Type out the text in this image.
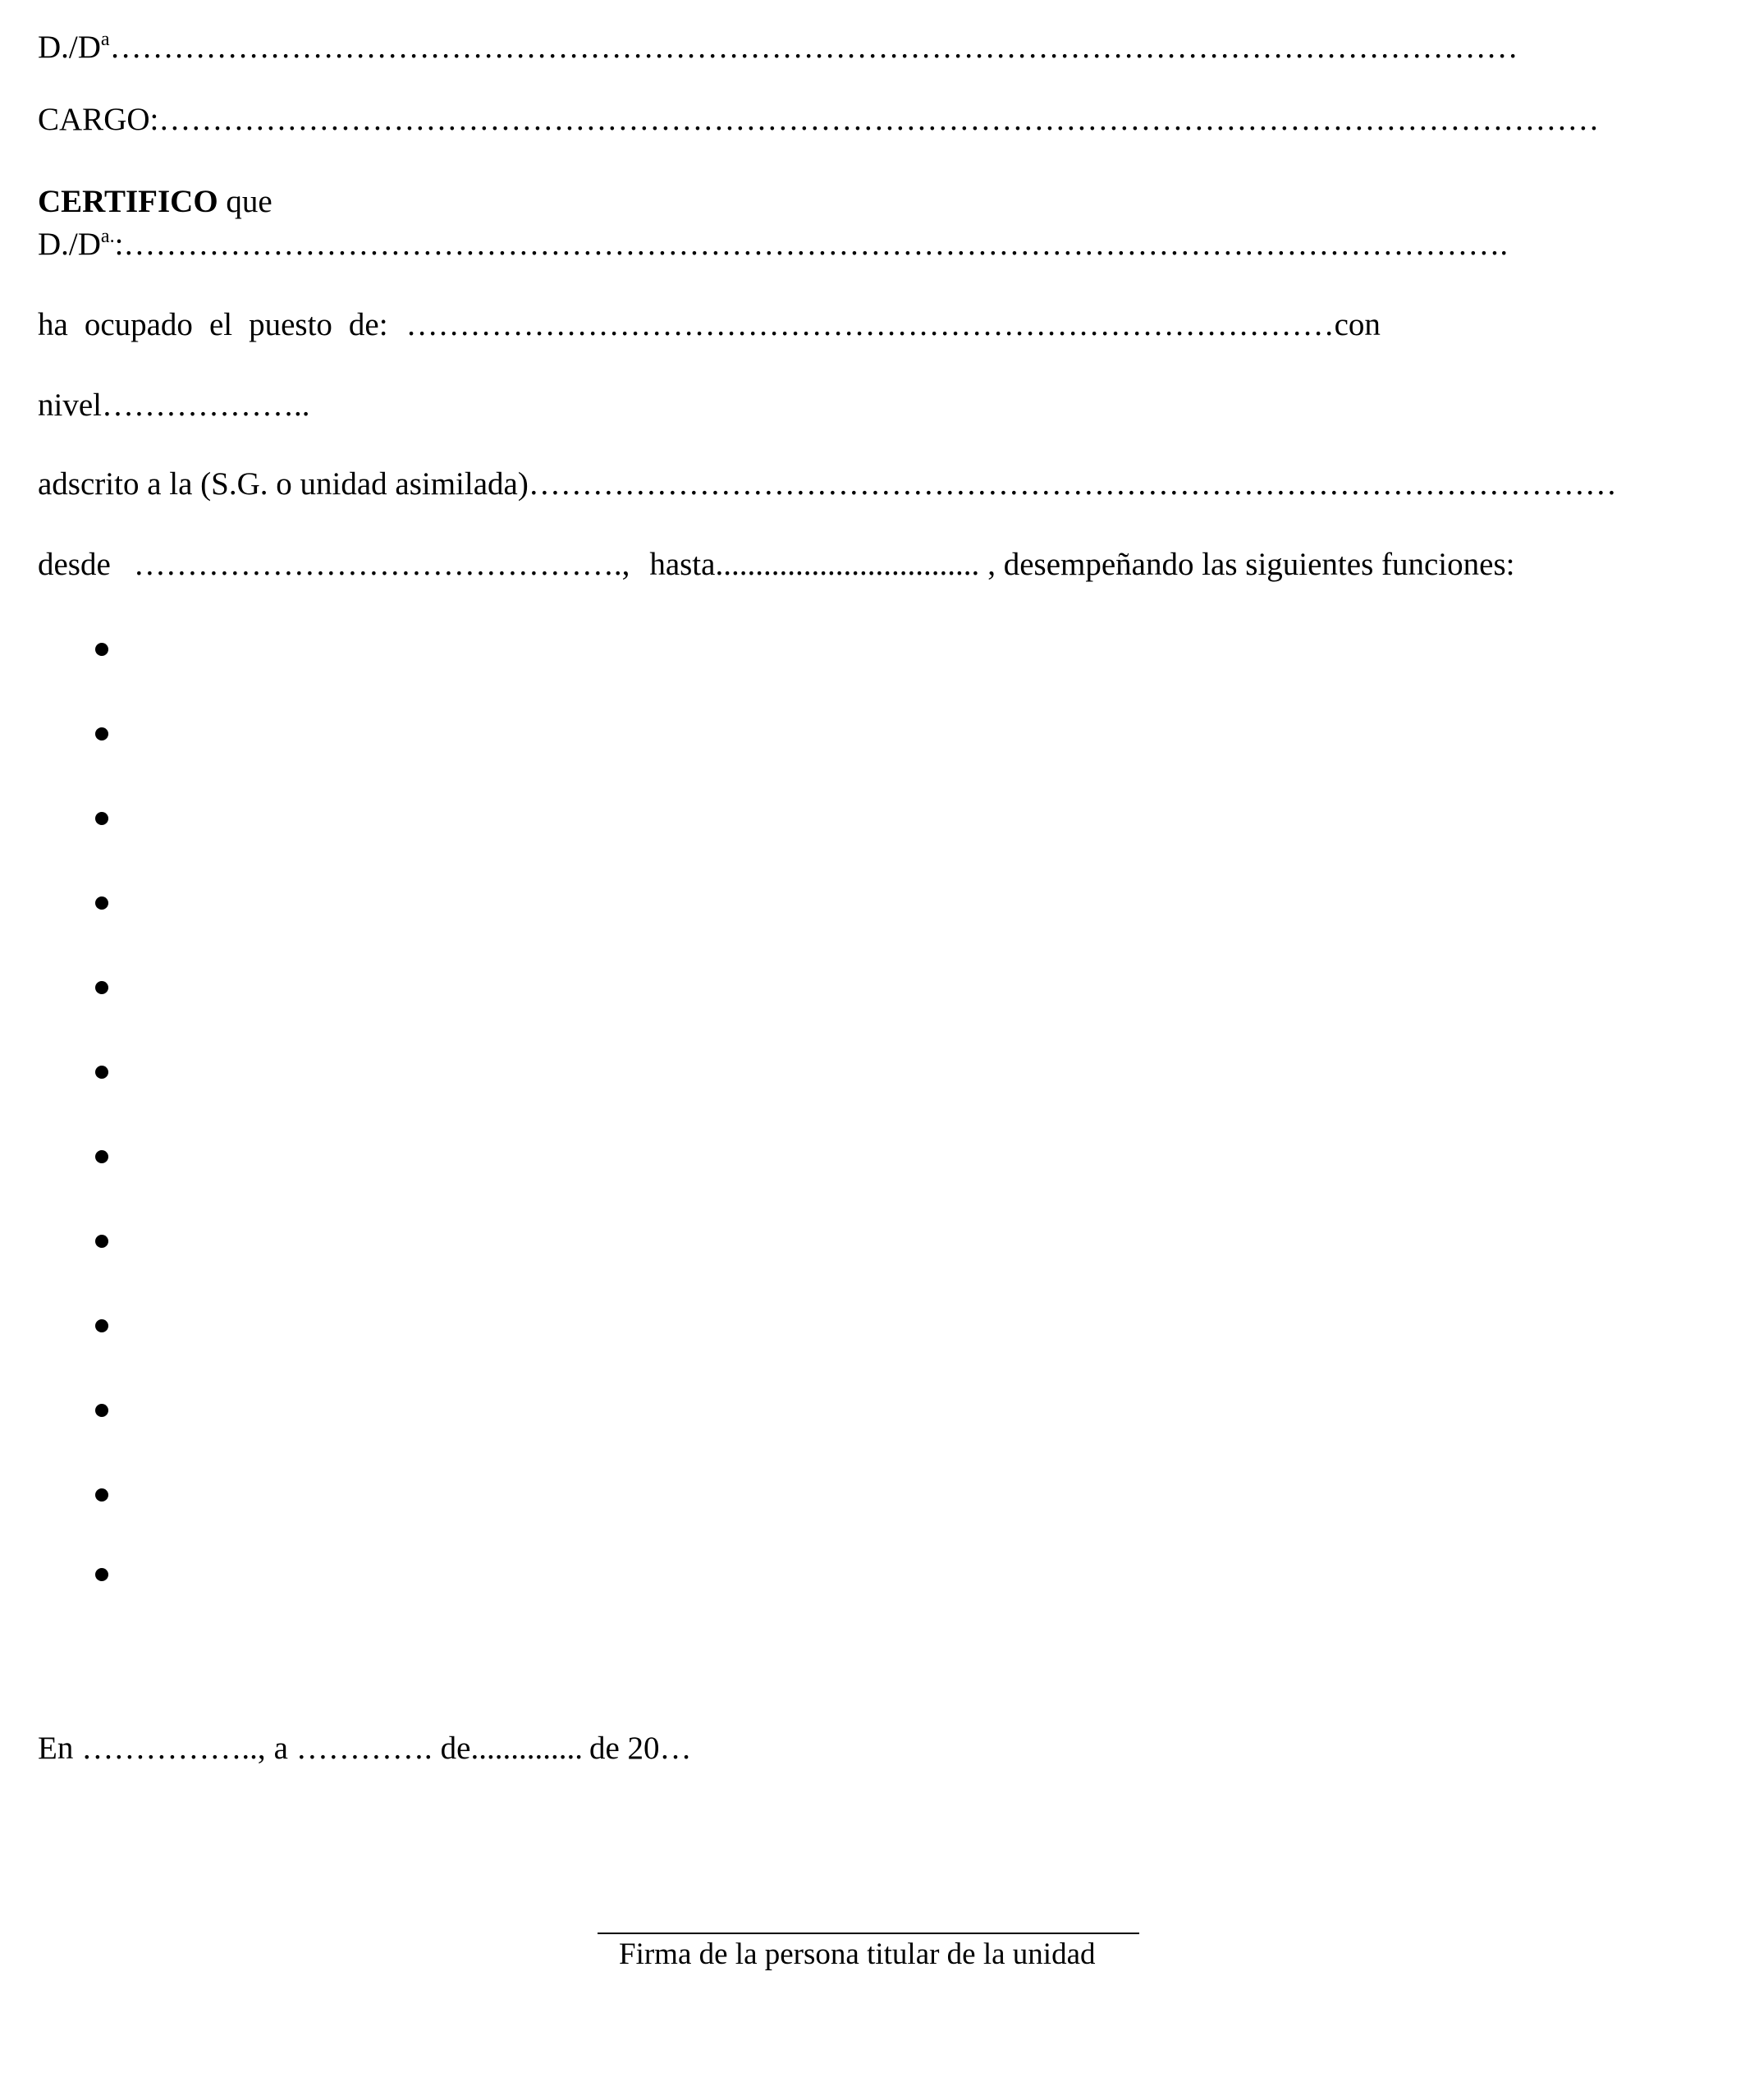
$D./D^a\dots\dots\dots\dots\dots\dots\dots\dots\dots\dots\dots\dots\dots\dots\dots\dots\dots\dots\dots\dots\dots\dots\dots\dots\dots\dots\dots\dots\dots\dots\dots\dots\dots\dots\dots\dots\dots\dots\dots\dots\dots\dots\dots\dots$

CARGO:………………………………………………………………………………………………………………………

CERTIFICO que

$D./D^{a.}:\dots\dots\dots\dots\dots\dots\dots\dots\dots\dots\dots\dots\dots\dots\dots\dots\dots\dots\dots\dots\dots\dots\dots\dots\dots\dots\dots\dots\dots\dots\dots\dots\dots\dots\dots\dots\dots\dots\dots\dots\dots\dots\dots$.

ha ocupado el puesto de: ……………………………………………………………………………con

nivel………………..

adscrito a la (S.G. o unidad asimilada)…………………………………………………………………………………………

desde ………………………………………., hasta................................. , desempeñando las siguientes funciones:

En …………….., a …………. de.............. de 20…

Firma de la persona titular de la unidad
